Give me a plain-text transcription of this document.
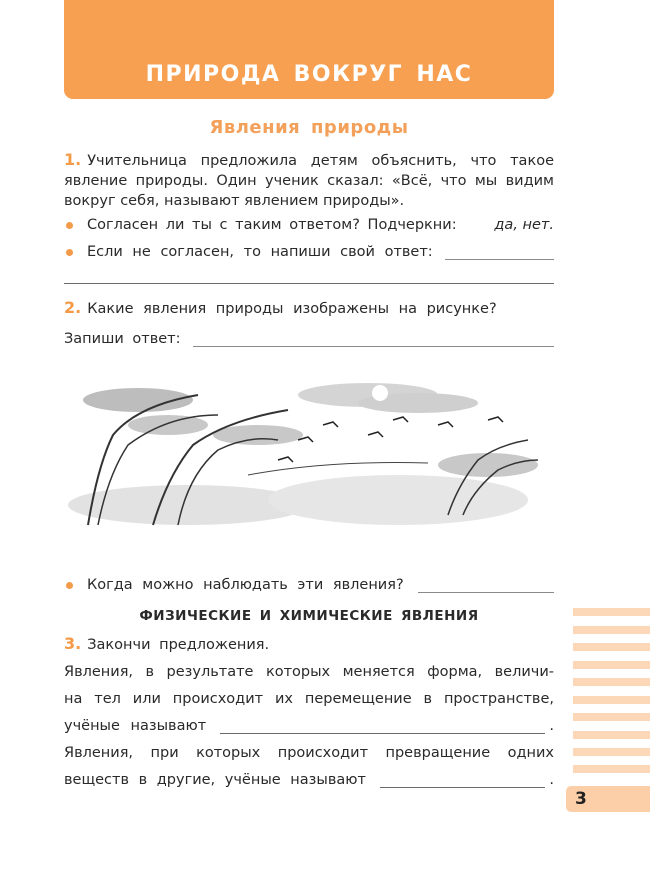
ПРИРОДА ВОКРУГ НАС
Явления природы
1. Учительница предложила детям объяснить, что такое явление природы. Один ученик сказал: «Всё, что мы видим вокруг себя, называют явлением природы».
Согласен ли ты с таким ответом? Подчеркни: да, нет.
Если не согласен, то напиши свой ответ:
2. Какие явления природы изображены на рисунке?
Запиши ответ:
Когда можно наблюдать эти явления?
ФИЗИЧЕСКИЕ И ХИМИЧЕСКИЕ ЯВЛЕНИЯ
3. Закончи предложения.
Явления, в результате которых меняется форма, величи-
на тел или происходит их перемещение в пространстве,
учёные называют	.
Явления, при которых происходит превращение одних
веществ в другие, учёные называют	.
3
